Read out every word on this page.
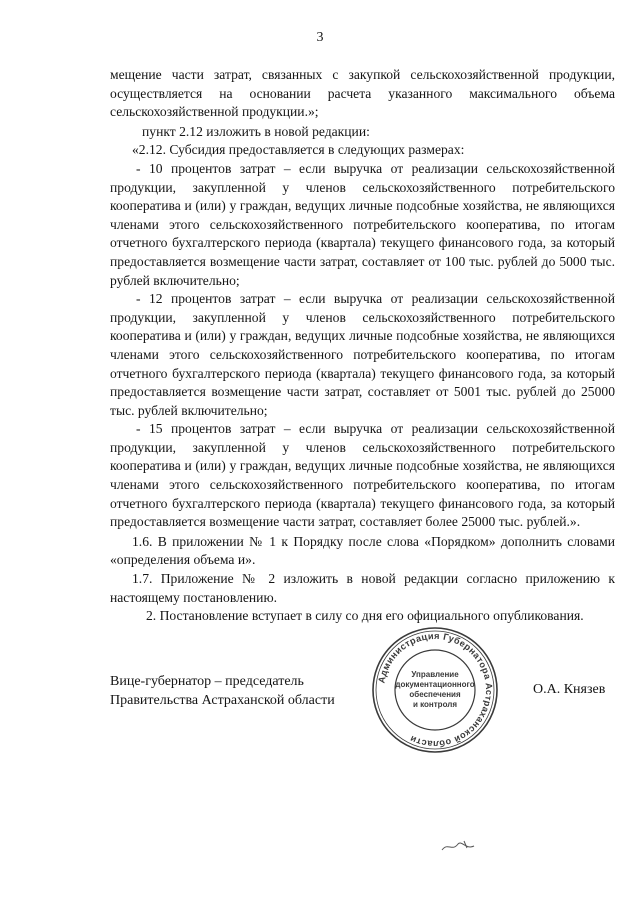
3

мещение части затрат, связанных с закупкой сельскохозяйственной продукции, осуществляется на основании расчета указанного максимального объема сельскохозяйственной продукции.»;

пункт 2.12 изложить в новой редакции:

«2.12. Субсидия предоставляется в следующих размерах:

- 10 процентов затрат – если выручка от реализации сельскохозяйственной продукции, закупленной у членов сельскохозяйственного потребительского кооператива и (или) у граждан, ведущих личные подсобные хозяйства, не являющихся членами этого сельскохозяйственного потребительского кооператива, по итогам отчетного бухгалтерского периода (квартала) текущего финансового года, за который предоставляется возмещение части затрат, составляет от 100 тыс. рублей до 5000 тыс. рублей включительно;

- 12 процентов затрат – если выручка от реализации сельскохозяйственной продукции, закупленной у членов сельскохозяйственного потребительского кооператива и (или) у граждан, ведущих личные подсобные хозяйства, не являющихся членами этого сельскохозяйственного потребительского кооператива, по итогам отчетного бухгалтерского периода (квартала) текущего финансового года, за который предоставляется возмещение части затрат, составляет от 5001 тыс. рублей до 25000 тыс. рублей включительно;

- 15 процентов затрат – если выручка от реализации сельскохозяйственной продукции, закупленной у членов сельскохозяйственного потребительского кооператива и (или) у граждан, ведущих личные подсобные хозяйства, не являющихся членами этого сельскохозяйственного потребительского кооператива, по итогам отчетного бухгалтерского периода (квартала) текущего финансового года, за который предоставляется возмещение части затрат, составляет более 25000 тыс. рублей.».

1.6. В приложении № 1 к Порядку после слова «Порядком» дополнить словами «определения объема и».

1.7. Приложение № 2 изложить в новой редакции согласно приложению к настоящему постановлению.

2. Постановление вступает в силу со дня его официального опубликования.

Вице-губернатор – председатель
Правительства Астраханской области
О.А. Князев
Администрация Губернатора Астраханской области
Управление
документационного
обеспечения
и контроля
